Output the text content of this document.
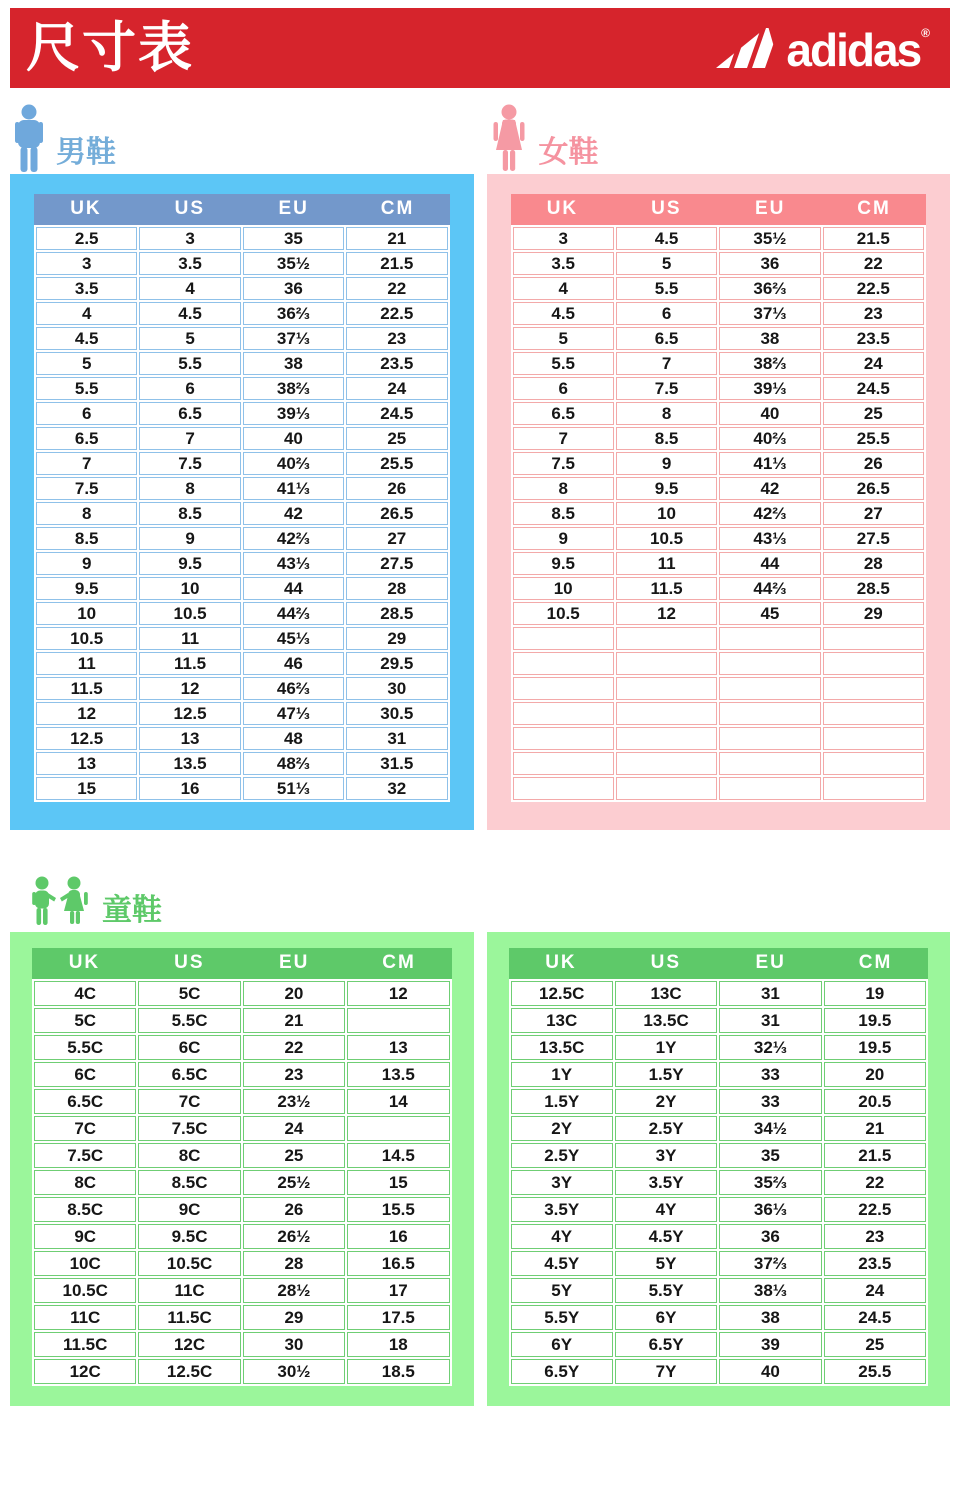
尺寸表	adidas ®
男鞋
UK	US	EU	CM
2.5	3	35	21
3	3.5	35½	21.5
3.5	4	36	22
4	4.5	36⅔	22.5
4.5	5	37⅓	23
5	5.5	38	23.5
5.5	6	38⅔	24
6	6.5	39⅓	24.5
6.5	7	40	25
7	7.5	40⅔	25.5
7.5	8	41⅓	26
8	8.5	42	26.5
8.5	9	42⅔	27
9	9.5	43⅓	27.5
9.5	10	44	28
10	10.5	44⅔	28.5
10.5	11	45⅓	29
11	11.5	46	29.5
11.5	12	46⅔	30
12	12.5	47⅓	30.5
12.5	13	48	31
13	13.5	48⅔	31.5
15	16	51⅓	32
女鞋
UK	US	EU	CM
3	4.5	35½	21.5
3.5	5	36	22
4	5.5	36⅔	22.5
4.5	6	37⅓	23
5	6.5	38	23.5
5.5	7	38⅔	24
6	7.5	39⅓	24.5
6.5	8	40	25
7	8.5	40⅔	25.5
7.5	9	41⅓	26
8	9.5	42	26.5
8.5	10	42⅔	27
9	10.5	43⅓	27.5
9.5	11	44	28
10	11.5	44⅔	28.5
10.5	12	45	29

童鞋
UK	US	EU	CM
4C	5C	20	12
5C	5.5C	21	
5.5C	6C	22	13
6C	6.5C	23	13.5
6.5C	7C	23½	14
7C	7.5C	24	
7.5C	8C	25	14.5
8C	8.5C	25½	15
8.5C	9C	26	15.5
9C	9.5C	26½	16
10C	10.5C	28	16.5
10.5C	11C	28½	17
11C	11.5C	29	17.5
11.5C	12C	30	18
12C	12.5C	30½	18.5
UK	US	EU	CM
12.5C	13C	31	19
13C	13.5C	31	19.5
13.5C	1Y	32⅓	19.5
1Y	1.5Y	33	20
1.5Y	2Y	33	20.5
2Y	2.5Y	34½	21
2.5Y	3Y	35	21.5
3Y	3.5Y	35⅔	22
3.5Y	4Y	36⅓	22.5
4Y	4.5Y	36	23
4.5Y	5Y	37⅔	23.5
5Y	5.5Y	38⅓	24
5.5Y	6Y	38	24.5
6Y	6.5Y	39	25
6.5Y	7Y	40	25.5
